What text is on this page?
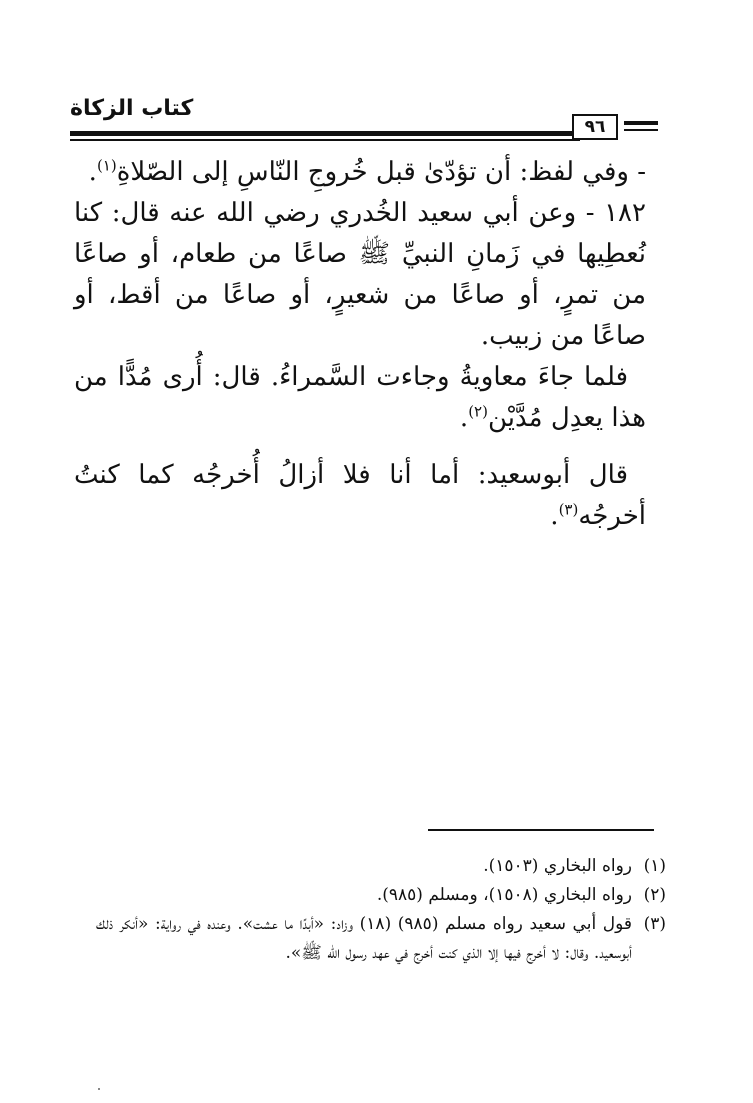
كتاب الزكاة
٩٦

- وفي لفظ: أن تؤدّىٰ قبل خُروجِ النّاسِ إلى الصّلاةِ$^{(١)}$.

١٨٢ - وعن أبي سعيد الخُدري رضي الله عنه قال: كنا نُعطِيها في زَمانِ النبيِّ ﷺ صاعًا من طعام، أو صاعًا من تمرٍ، أو صاعًا من شعيرٍ، أو صاعًا من أقط، أو صاعًا من زبيب.

فلما جاءَ معاويةُ وجاءت السَّمراءُ. قال: أُرى مُدًّا من هذا يعدِل مُدَّيْن$^{(٢)}$.

قال أبوسعيد: أما أنا فلا أزالُ أُخرجُه كما كنتُ أخرجُه$^{(٣)}$.

(١)
رواه البخاري (١٥٠٣).
(٢)
رواه البخاري (١٥٠٨)، ومسلم (٩٨٥).
(٣)
قول أبي سعيد رواه مسلم (٩٨٥) (١٨) وزاد: «أبدًا ما عشت». وعنده في رواية: «أنكر ذلك أبوسعيد. وقال: لا أخرج فيها إلا الذي كنت أخرج في عهد رسول الله ﷺ».
